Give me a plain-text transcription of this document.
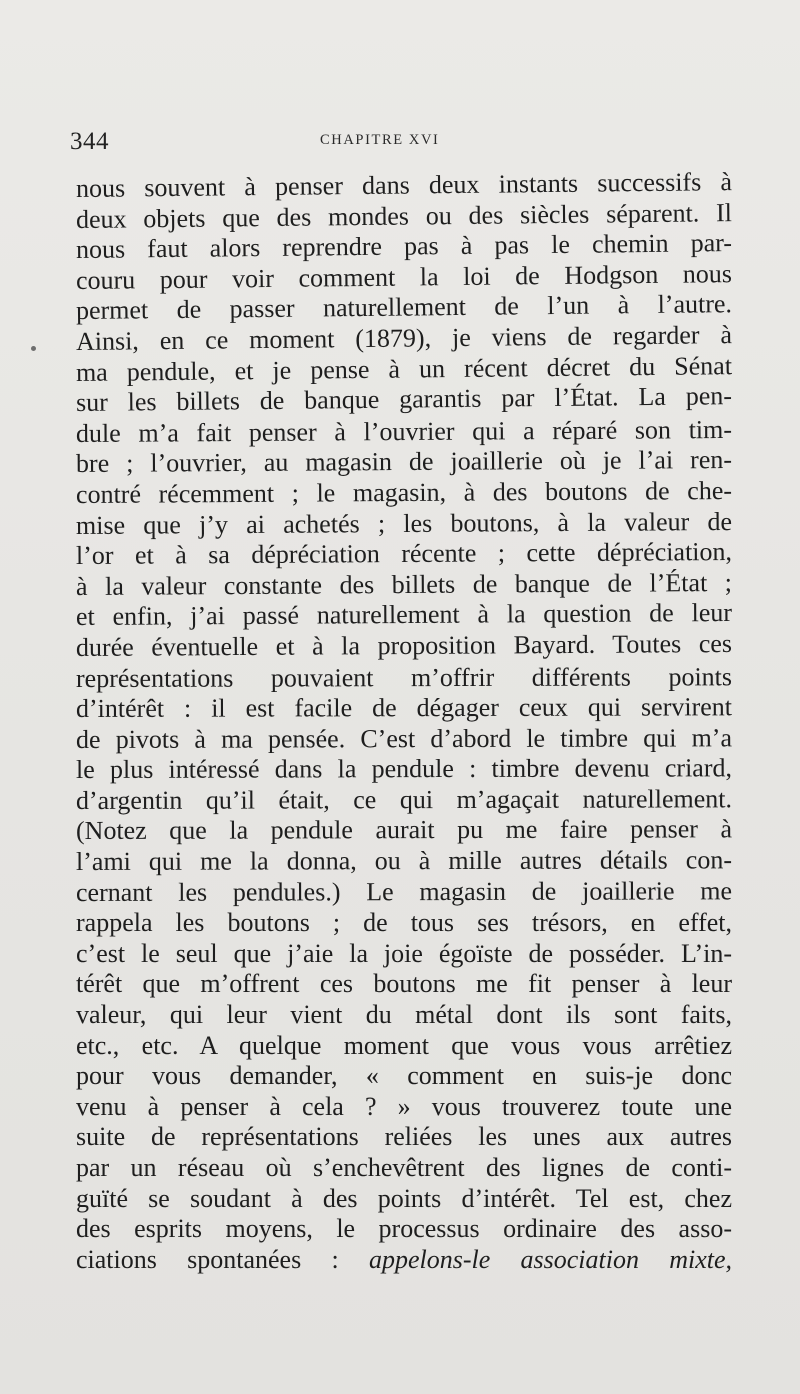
344	CHAPITRE XVI
nous souvent à penser dans deux instants successifs à
deux objets que des mondes ou des siècles séparent. Il
nous faut alors reprendre pas à pas le chemin par-
couru pour voir comment la loi de Hodgson nous
permet de passer naturellement de l’un à l’autre.
Ainsi, en ce moment (1879), je viens de regarder à
ma pendule, et je pense à un récent décret du Sénat
sur les billets de banque garantis par l’État. La pen-
dule m’a fait penser à l’ouvrier qui a réparé son tim-
bre ; l’ouvrier, au magasin de joaillerie où je l’ai ren-
contré récemment ; le magasin, à des boutons de che-
mise que j’y ai achetés ; les boutons, à la valeur de
l’or et à sa dépréciation récente ; cette dépréciation,
à la valeur constante des billets de banque de l’État ;
et enfin, j’ai passé naturellement à la question de leur
durée éventuelle et à la proposition Bayard. Toutes ces
représentations pouvaient m’offrir différents points
d’intérêt : il est facile de dégager ceux qui servirent
de pivots à ma pensée. C’est d’abord le timbre qui m’a
le plus intéressé dans la pendule : timbre devenu criard,
d’argentin qu’il était, ce qui m’agaçait naturellement.
(Notez que la pendule aurait pu me faire penser à
l’ami qui me la donna, ou à mille autres détails con-
cernant les pendules.) Le magasin de joaillerie me
rappela les boutons ; de tous ses trésors, en effet,
c’est le seul que j’aie la joie égoïste de posséder. L’in-
térêt que m’offrent ces boutons me fit penser à leur
valeur, qui leur vient du métal dont ils sont faits,
etc., etc. A quelque moment que vous vous arrêtiez
pour vous demander, « comment en suis-je donc
venu à penser à cela ? » vous trouverez toute une
suite de représentations reliées les unes aux autres
par un réseau où s’enchevêtrent des lignes de conti-
guïté se soudant à des points d’intérêt. Tel est, chez
des esprits moyens, le processus ordinaire des asso-
ciations spontanées : appelons-le association mixte,
